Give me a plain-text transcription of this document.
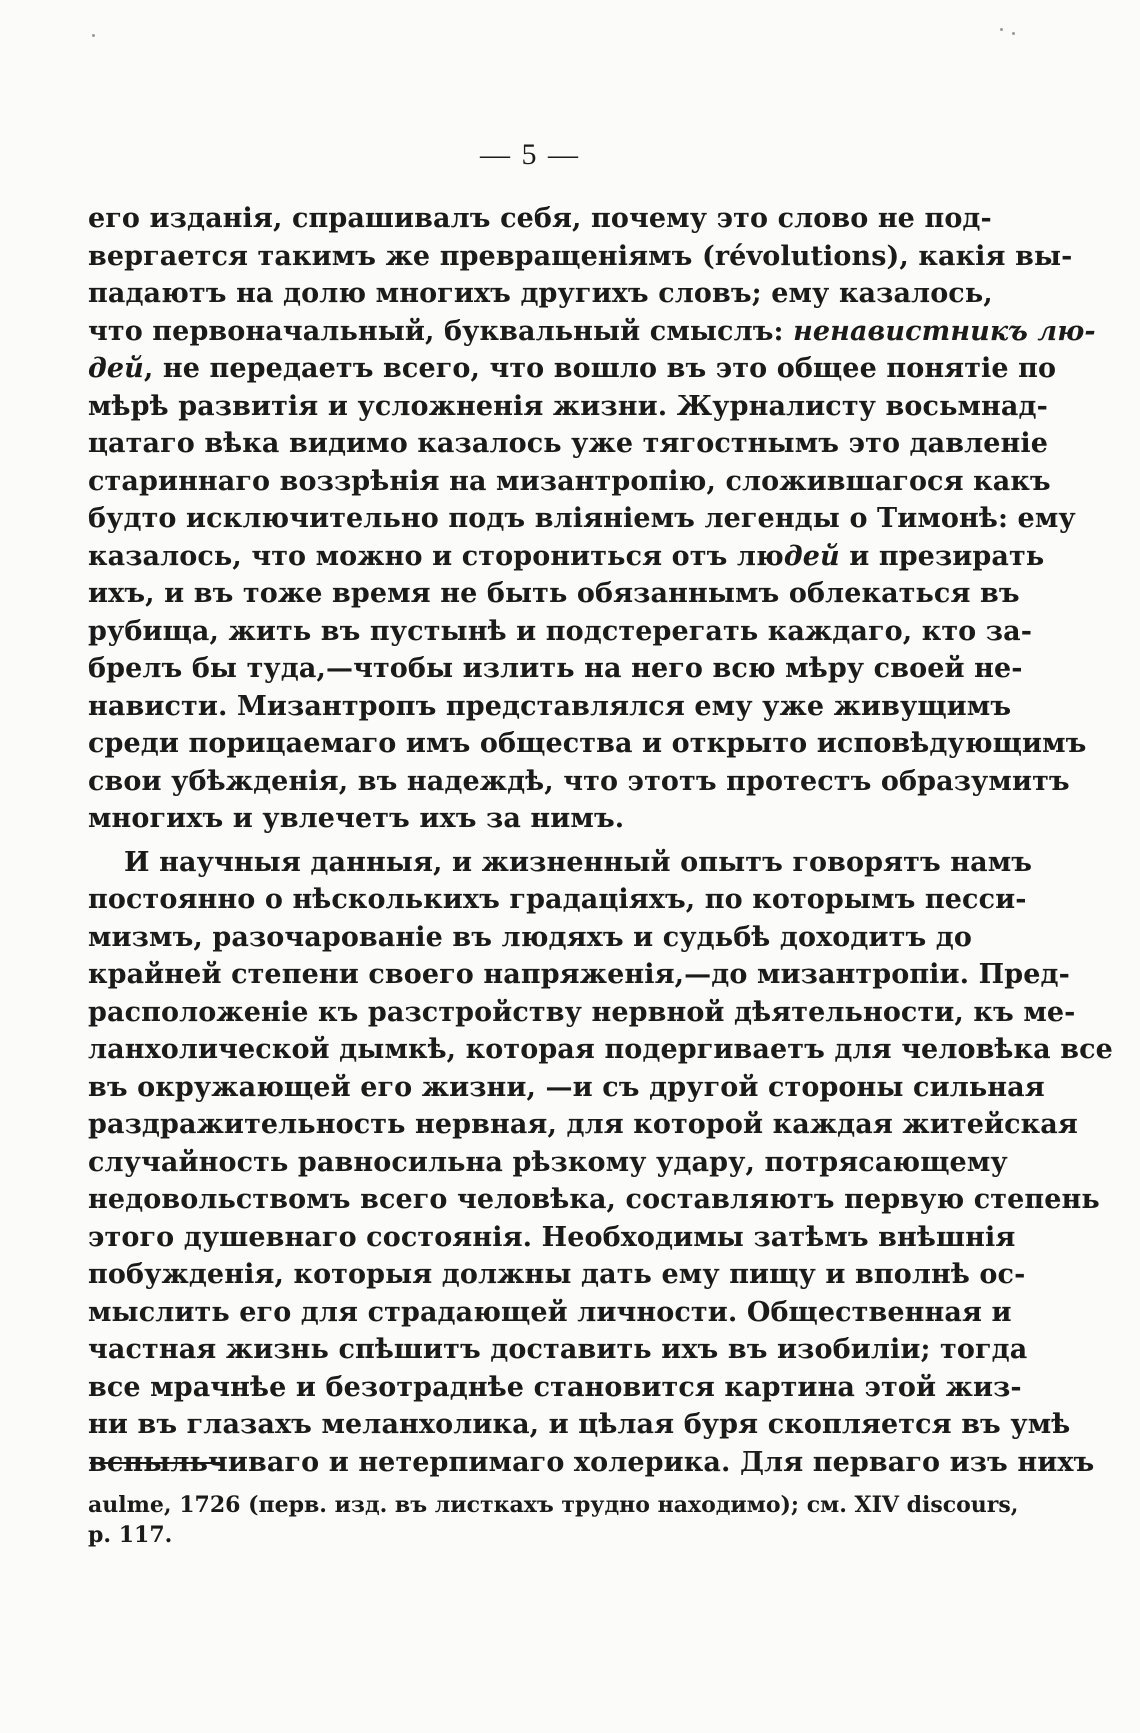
— 5 —
его изданія, спрашивалъ себя, почему это слово не под-
вергается такимъ же превращеніямъ (révolutions), какія вы-
падаютъ на долю многихъ другихъ словъ; ему казалось,
что первоначальный, буквальный смыслъ: ненавистникъ лю-
дей, не передаетъ всего, что вошло въ это общее понятіе по
мѣрѣ развитія и усложненія жизни. Журналисту восьмнад-
цатаго вѣка видимо казалось уже тягостнымъ это давленіе
стариннаго воззрѣнія на мизантропію, сложившагося какъ
будто исключительно подъ вліяніемъ легенды о Тимонѣ: ему
казалось, что можно и сторониться отъ людей и презирать
ихъ, и въ тоже время не быть обязаннымъ облекаться въ
рубища, жить въ пустынѣ и подстерегать каждаго, кто за-
брелъ бы туда,—чтобы излить на него всю мѣру своей не-
нависти. Мизантропъ представлялся ему уже живущимъ
среди порицаемаго имъ общества и открыто исповѣдующимъ
свои убѣжденія, въ надеждѣ, что этотъ протестъ образумитъ
многихъ и увлечетъ ихъ за нимъ.
И научныя данныя, и жизненный опытъ говорятъ намъ
постоянно о нѣсколькихъ градаціяхъ, по которымъ песси-
мизмъ, разочарованіе въ людяхъ и судьбѣ доходитъ до
крайней степени своего напряженія,—до мизантропіи. Пред-
расположеніе къ разстройству нервной дѣятельности, къ ме-
ланхолической дымкѣ, которая подергиваетъ для человѣка все
въ окружающей его жизни, —и съ другой стороны сильная
раздражительность нервная, для которой каждая житейская
случайность равносильна рѣзкому удару, потрясающему
недовольствомъ всего человѣка, составляютъ первую степень
этого душевнаго состоянія. Необходимы затѣмъ внѣшнія
побужденія, которыя должны дать ему пищу и вполнѣ ос-
мыслить его для страдающей личности. Общественная и
частная жизнь спѣшитъ доставить ихъ въ изобиліи; тогда
все мрачнѣе и безотраднѣе становится картина этой жиз-
ни въ глазахъ меланхолика, и цѣлая буря скопляется въ умѣ
вспыльчиваго и нетерпимаго холерика. Для перваго изъ нихъ
aulme, 1726 (перв. изд. въ листкахъ трудно находимо); см. XIV discours,
p. 117.
